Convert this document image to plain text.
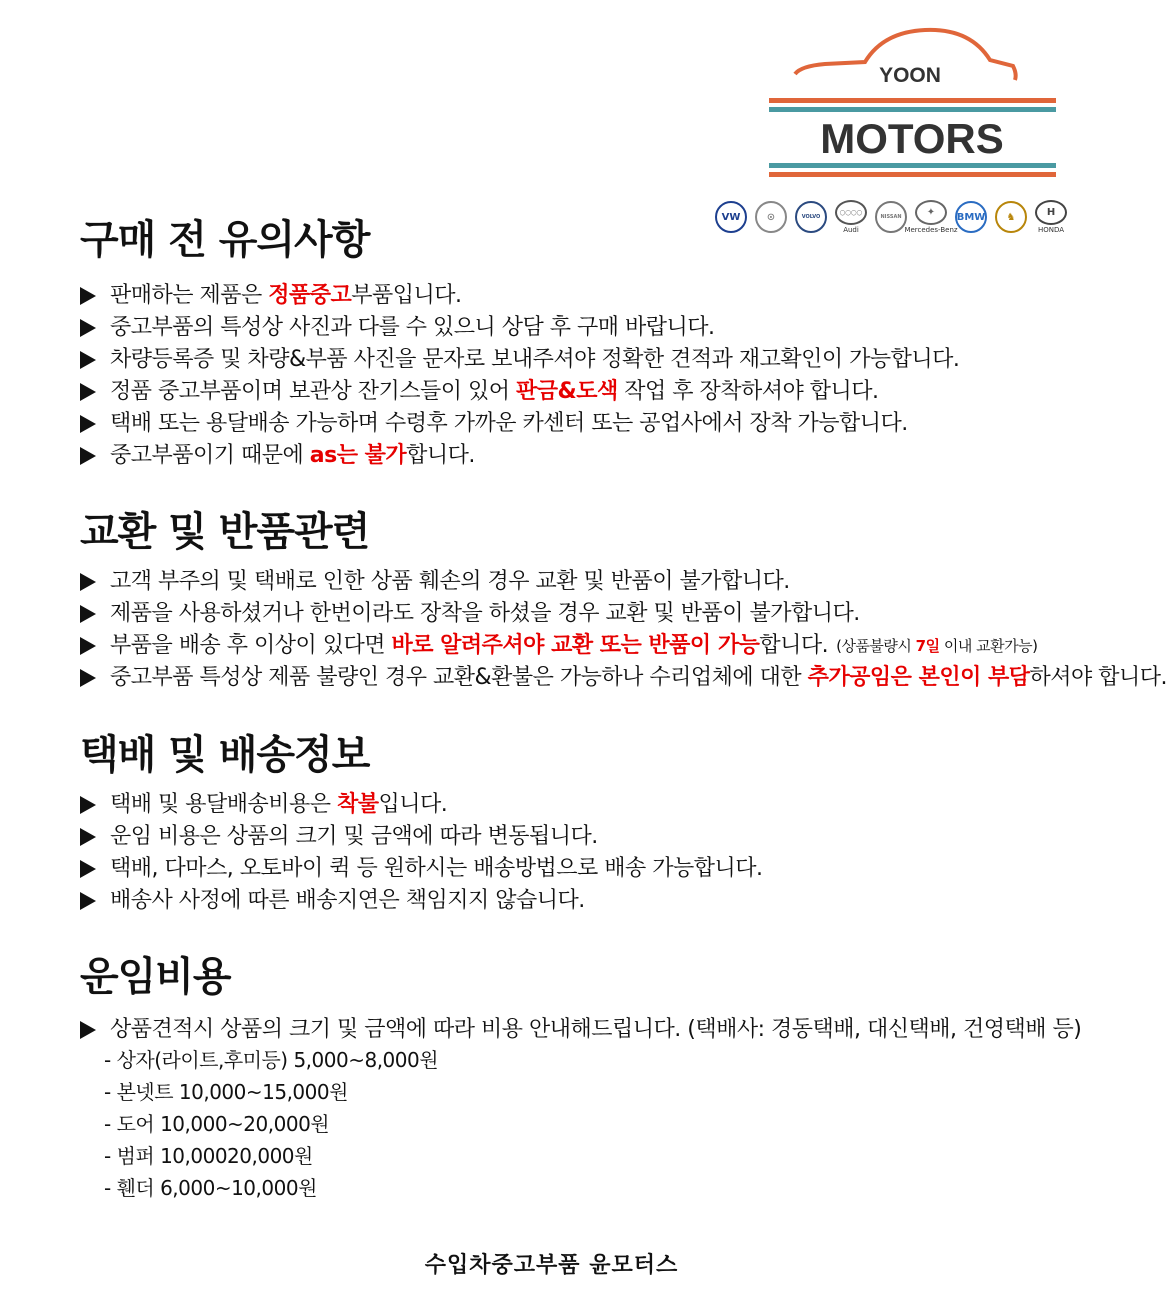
YOON
MOTORS
VW	⊙	VOLVO
◯◯◯◯
Audi
NISSAN	✦
Mercedes-Benz
BMW	♞	H
HONDA
구매 전 유의사항
판매하는 제품은 정품중고부품입니다.
중고부품의 특성상 사진과 다를 수 있으니 상담 후 구매 바랍니다.
차량등록증 및 차량&부품 사진을 문자로 보내주셔야 정확한 견적과 재고확인이 가능합니다.
정품 중고부품이며 보관상 잔기스들이 있어 판금&도색 작업 후 장착하셔야 합니다.
택배 또는 용달배송 가능하며 수령후 가까운 카센터 또는 공업사에서 장착 가능합니다.
중고부품이기 때문에 as는 불가합니다.
교환 및 반품관련
고객 부주의 및 택배로 인한 상품 훼손의 경우 교환 및 반품이 불가합니다.
제품을 사용하셨거나 한번이라도 장착을 하셨을 경우 교환 및 반품이 불가합니다.
부품을 배송 후 이상이 있다면 바로 알려주셔야 교환 또는 반품이 가능합니다. (상품불량시 7일 이내 교환가능)
중고부품 특성상 제품 불량인 경우 교환&환불은 가능하나 수리업체에 대한 추가공임은 본인이 부담하셔야 합니다.
택배 및 배송정보
택배 및 용달배송비용은 착불입니다.
운임 비용은 상품의 크기 및 금액에 따라 변동됩니다.
택배, 다마스, 오토바이 퀵 등 원하시는 배송방법으로 배송 가능합니다.
배송사 사정에 따른 배송지연은 책임지지 않습니다.
운임비용
상품견적시 상품의 크기 및 금액에 따라 비용 안내해드립니다. (택배사: 경동택배, 대신택배, 건영택배 등)
- 상자(라이트,후미등) 5,000~8,000원
- 본넷트 10,000~15,000원
- 도어 10,000~20,000원
- 범퍼 10,00020,000원
- 휀더 6,000~10,000원
수입차중고부품 윤모터스
